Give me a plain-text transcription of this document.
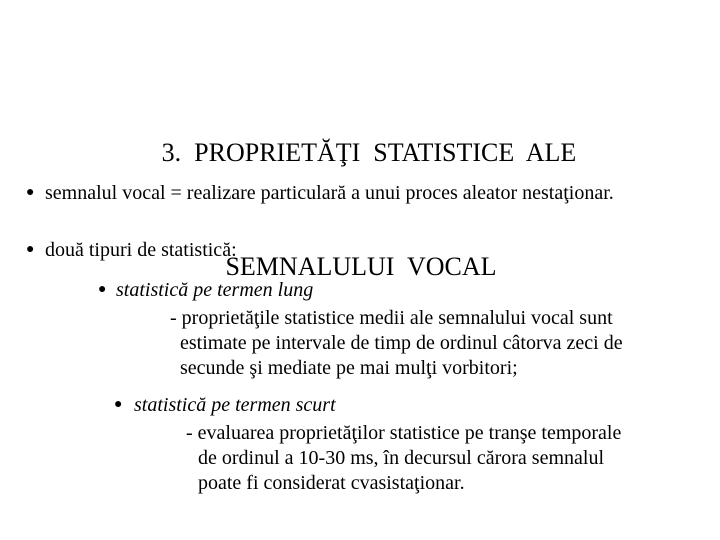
3.  PROPRIETĂŢI  STATISTICE  ALE

SEMNALULUI  VOCAL

● semnalul vocal = realizare particulară a unui proces aleator nestaţionar.
● două tipuri de statistică:
● statistică pe termen lung
- proprietăţile statistice medii ale semnalului vocal sunt
estimate pe intervale de timp de ordinul câtorva zeci de
secunde şi mediate pe mai mulţi vorbitori;
● statistică pe termen scurt
- evaluarea proprietăţilor statistice pe tranşe temporale
de ordinul a 10-30 ms, în decursul cărora semnalul
poate fi considerat cvasistaţionar.
